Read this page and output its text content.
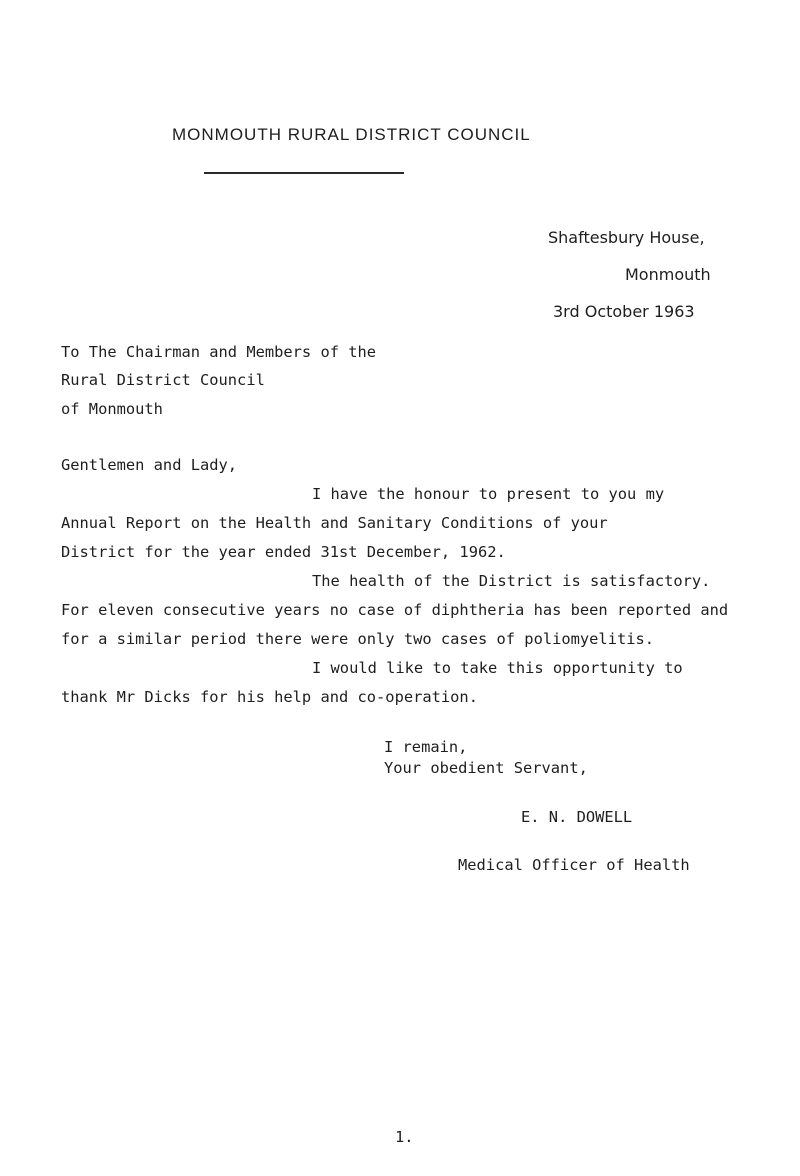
MONMOUTH RURAL DISTRICT COUNCIL
Shaftesbury House,
Monmouth
3rd October 1963
To The Chairman and Members of the
Rural District Council
of Monmouth
Gentlemen and Lady,
I have the honour to present to you my
Annual Report on the Health and Sanitary Conditions of your
District for the year ended 31st December, 1962.
The health of the District is satisfactory.
For eleven consecutive years no case of diphtheria has been reported and
for a similar period there were only two cases of poliomyelitis.
I would like to take this opportunity to
thank Mr Dicks for his help and co-operation.
I remain,
Your obedient Servant,
E. N. DOWELL
Medical Officer of Health
1.
